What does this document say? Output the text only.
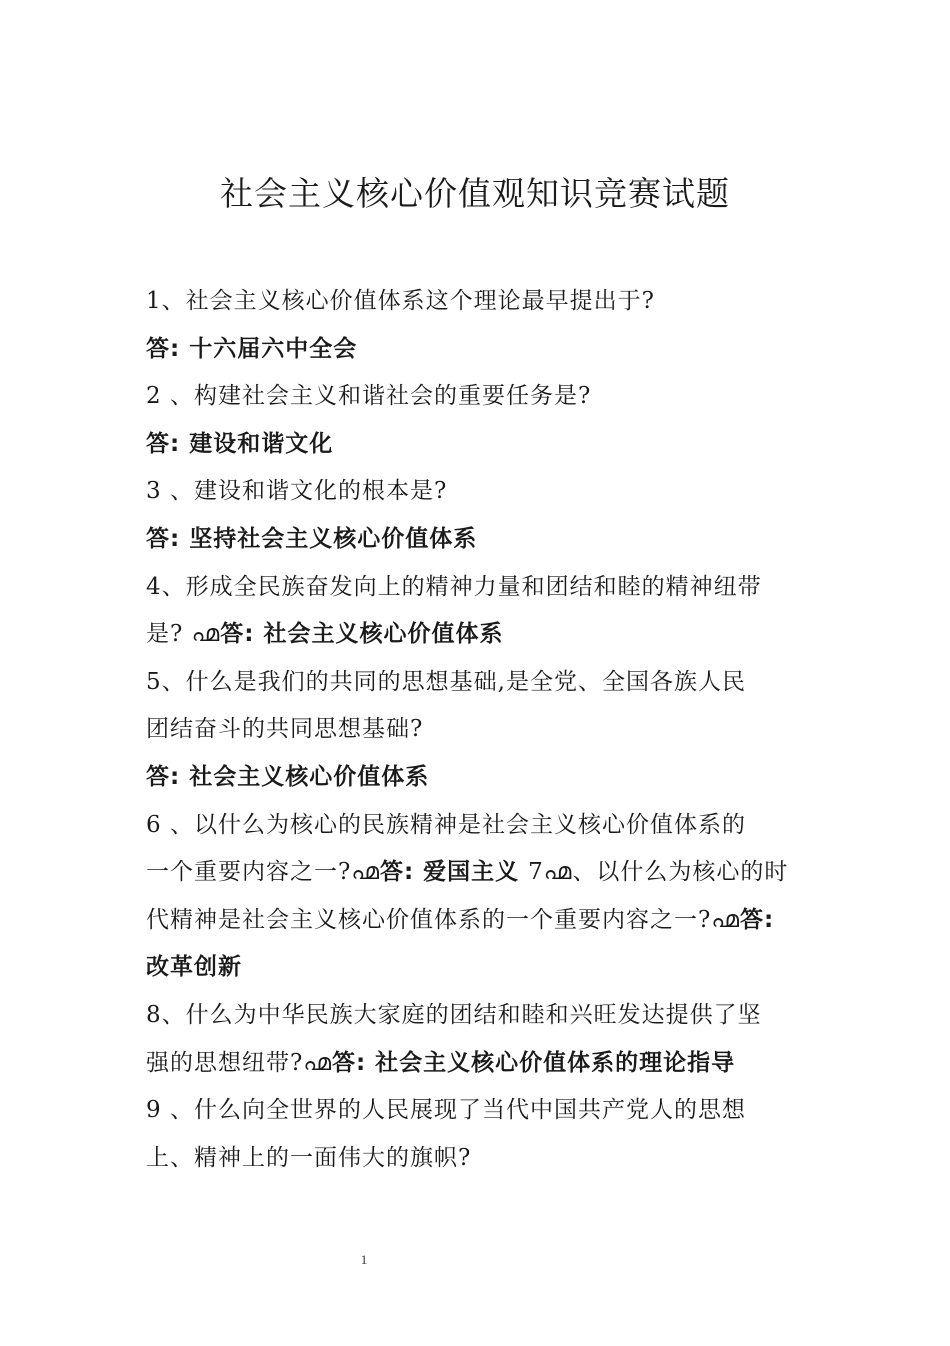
社会主义核心价值观知识竞赛试题
1、社会主义核心价值体系这个理论最早提出于?
答: 十六届六中全会
2 、构建社会主义和谐社会的重要任务是?
答: 建设和谐文化
3 、建设和谐文化的根本是?
答: 坚持社会主义核心价值体系
4、形成全民族奋发向上的精神力量和团结和睦的精神纽带
是? ൶答: 社会主义核心价值体系
5、什么是我们的共同的思想基础,是全党、全国各族人民
团结奋斗的共同思想基础?
答: 社会主义核心价值体系
6 、以什么为核心的民族精神是社会主义核心价值体系的
一个重要内容之一?൶答: 爱国主义 7൶、以什么为核心的时
代精神是社会主义核心价值体系的一个重要内容之一?൶答:
改革创新
8、什么为中华民族大家庭的团结和睦和兴旺发达提供了坚
强的思想纽带?൶答: 社会主义核心价值体系的理论指导
9 、什么向全世界的人民展现了当代中国共产党人的思想
上、精神上的一面伟大的旗帜?
1
